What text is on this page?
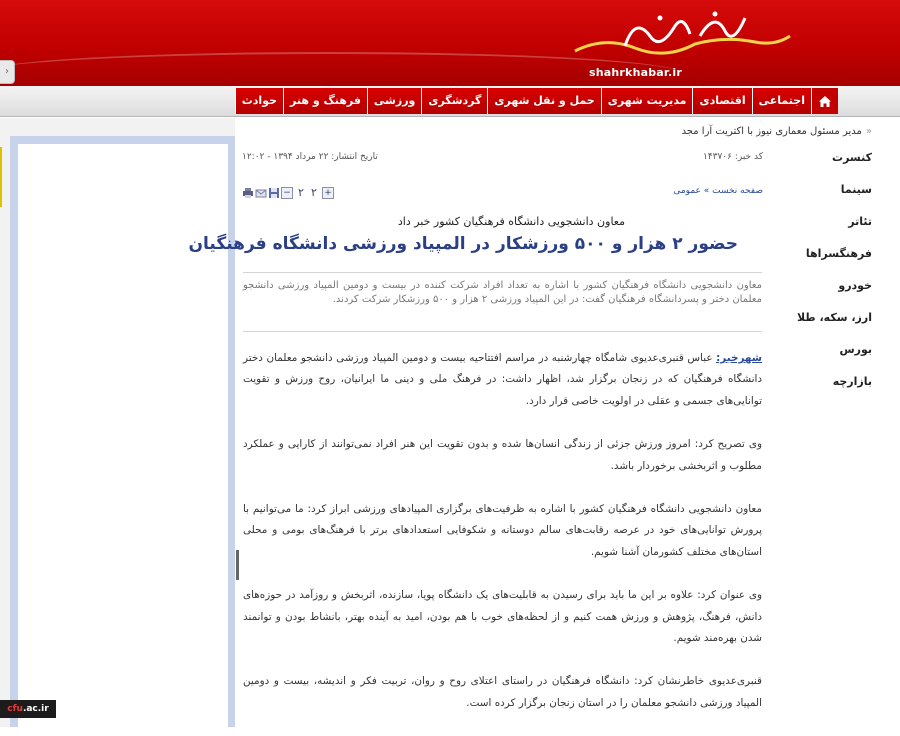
‹	shahrkhabar.ir
اجتماعی
اقتصادی
مدیریت شهری
حمل و نقل شهری
گردشگری
ورزشی
فرهنگ و هنر
حوادث
cfu.ac.ir
«مدیر مسئول معماری نیوز با اکتریت آرا مجد
کنسرت
سینما
تئاتر
فرهنگسراها
خودرو
ارز، سکه، طلا
بورس
بازارچه
کد خبر: ۱۴۳۷۰۶
تاریخ انتشار: ۲۲ مرداد ۱۳۹۴ - ۱۲:۰۲
− ۲ ۲ +	صفحه نخست » عمومی
معاون دانشجویی دانشگاه فرهنگیان کشور خبر داد
حضور ۲ هزار و ۵۰۰ ورزشکار در المپیاد ورزشی دانشگاه فرهنگیان
معاون دانشجویی دانشگاه فرهنگیان کشور با اشاره به تعداد افراد شرکت کننده در بیست و دومین المپیاد ورزشی دانشجو معلمان دختر و پسردانشگاه فرهنگیان گفت: در این المپیاد ورزشی ۲ هزار و ۵۰۰ ورزشکار شرکت کردند.

شهرخبر: عباس قنبری‌عدیوی شامگاه چهارشنبه در مراسم افتتاحیه بیست و دومین المپیاد ورزشی دانشجو معلمان دختر دانشگاه فرهنگیان که در زنجان برگزار شد، اظهار داشت: در فرهنگ ملی و دینی ما ایرانیان، روح ورزش و تقویت توانایی‌های جسمی و عقلی در اولویت خاصی قرار دارد.

وی تصریح کرد: امروز ورزش جزئی از زندگی انسان‌ها شده و بدون تقویت این هنر افراد نمی‌توانند از کارایی و عملکرد مطلوب و اثربخشی برخوردار باشد.

معاون دانشجویی دانشگاه فرهنگیان کشور با اشاره به ظرفیت‌های برگزاری المپیادهای ورزشی ابراز کرد: ما می‌توانیم با پرورش توانایی‌های خود در عرصه رقابت‌های سالم دوستانه و شکوفایی استعدادهای برتر با فرهنگ‌های بومی و محلی استان‌های مختلف کشورمان آشنا شویم.

وی عنوان کرد: علاوه بر این ما باید برای رسیدن به قابلیت‌های یک دانشگاه پویا، سازنده، اثربخش و روزآمد در حوزه‌های دانش، فرهنگ، پژوهش و ورزش همت کنیم و از لحظه‌های خوب با هم بودن، امید به آینده بهتر، بانشاط بودن و توانمند شدن بهره‌مند شویم.

قنبری‌عدیوی خاطرنشان کرد: دانشگاه فرهنگیان در راستای اعتلای روح و روان، تربیت فکر و اندیشه، بیست و دومین المپیاد ورزشی دانشجو معلمان را در استان زنجان برگزار کرده است.
